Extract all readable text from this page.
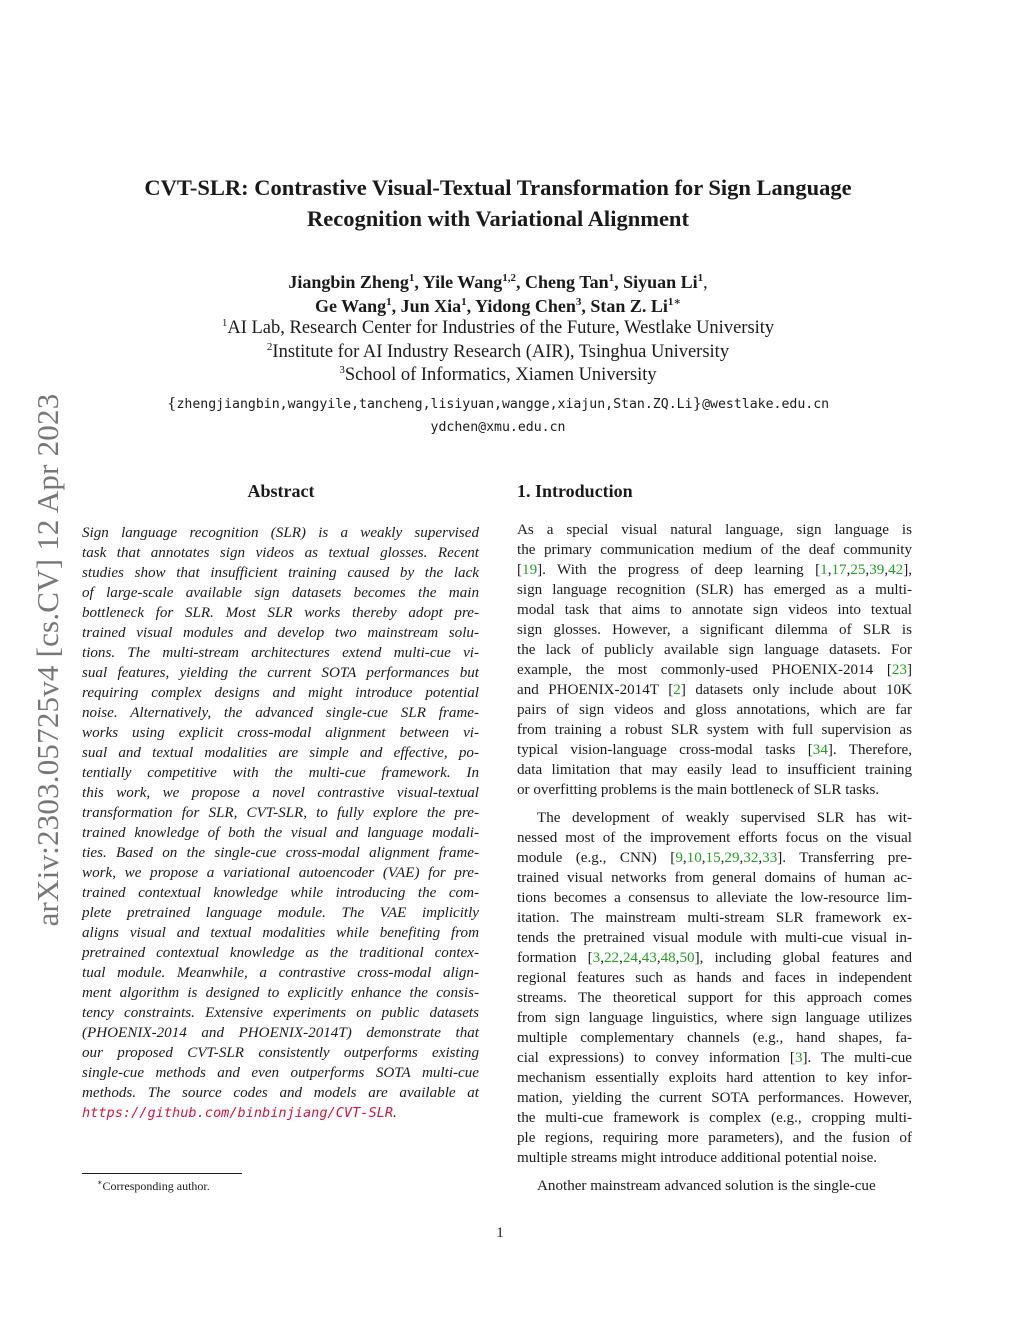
arXiv:2303.05725v4 [cs.CV] 12 Apr 2023
CVT-SLR: Contrastive Visual-Textual Transformation for Sign Language
Recognition with Variational Alignment
Jiangbin Zheng$^1$, Yile Wang$^{1,2}$, Cheng Tan$^1$, Siyuan Li$^1$,
Ge Wang$^1$, Jun Xia$^1$, Yidong Chen$^3$, Stan Z. $Li^{1∗}$
$^1$AI Lab, Research Center for Industries of the Future, Westlake University
$^2$Institute for AI Industry Research (AIR), Tsinghua University
$^3$School of Informatics, Xiamen University
{zhengjiangbin,wangyile,tancheng,lisiyuan,wangge,xiajun,Stan.ZQ.Li}@westlake.edu.cn
ydchen@xmu.edu.cn
Abstract	1. Introduction
Sign language recognition (SLR) is a weakly supervised
task that annotates sign videos as textual glosses. Recent
studies show that insufficient training caused by the lack
of large-scale available sign datasets becomes the main
bottleneck for SLR. Most SLR works thereby adopt pre-
trained visual modules and develop two mainstream solu-
tions. The multi-stream architectures extend multi-cue vi-
sual features, yielding the current SOTA performances but
requiring complex designs and might introduce potential
noise. Alternatively, the advanced single-cue SLR frame-
works using explicit cross-modal alignment between vi-
sual and textual modalities are simple and effective, po-
tentially competitive with the multi-cue framework. In
this work, we propose a novel contrastive visual-textual
transformation for SLR, CVT-SLR, to fully explore the pre-
trained knowledge of both the visual and language modali-
ties. Based on the single-cue cross-modal alignment frame-
work, we propose a variational autoencoder (VAE) for pre-
trained contextual knowledge while introducing the com-
plete pretrained language module. The VAE implicitly
aligns visual and textual modalities while benefiting from
pretrained contextual knowledge as the traditional contex-
tual module. Meanwhile, a contrastive cross-modal align-
ment algorithm is designed to explicitly enhance the consis-
tency constraints. Extensive experiments on public datasets
(PHOENIX-2014 and PHOENIX-2014T) demonstrate that
our proposed CVT-SLR consistently outperforms existing
single-cue methods and even outperforms SOTA multi-cue
methods. The source codes and models are available at
https://github.com/binbinjiang/CVT-SLR.
As a special visual natural language, sign language is
the primary communication medium of the deaf community
[19]. With the progress of deep learning [1,17,25,39,42],
sign language recognition (SLR) has emerged as a multi-
modal task that aims to annotate sign videos into textual
sign glosses. However, a significant dilemma of SLR is
the lack of publicly available sign language datasets. For
example, the most commonly-used PHOENIX-2014 [23]
and PHOENIX-2014T [2] datasets only include about 10K
pairs of sign videos and gloss annotations, which are far
from training a robust SLR system with full supervision as
typical vision-language cross-modal tasks [34]. Therefore,
data limitation that may easily lead to insufficient training
or overfitting problems is the main bottleneck of SLR tasks.
The development of weakly supervised SLR has wit-
nessed most of the improvement efforts focus on the visual
module (e.g., CNN) [9,10,15,29,32,33]. Transferring pre-
trained visual networks from general domains of human ac-
tions becomes a consensus to alleviate the low-resource lim-
itation. The mainstream multi-stream SLR framework ex-
tends the pretrained visual module with multi-cue visual in-
formation [3,22,24,43,48,50], including global features and
regional features such as hands and faces in independent
streams. The theoretical support for this approach comes
from sign language linguistics, where sign language utilizes
multiple complementary channels (e.g., hand shapes, fa-
cial expressions) to convey information [3]. The multi-cue
mechanism essentially exploits hard attention to key infor-
mation, yielding the current SOTA performances. However,
the multi-cue framework is complex (e.g., cropping multi-
ple regions, requiring more parameters), and the fusion of
multiple streams might introduce additional potential noise.
Another mainstream advanced solution is the single-cue
∗Corresponding author.
1
